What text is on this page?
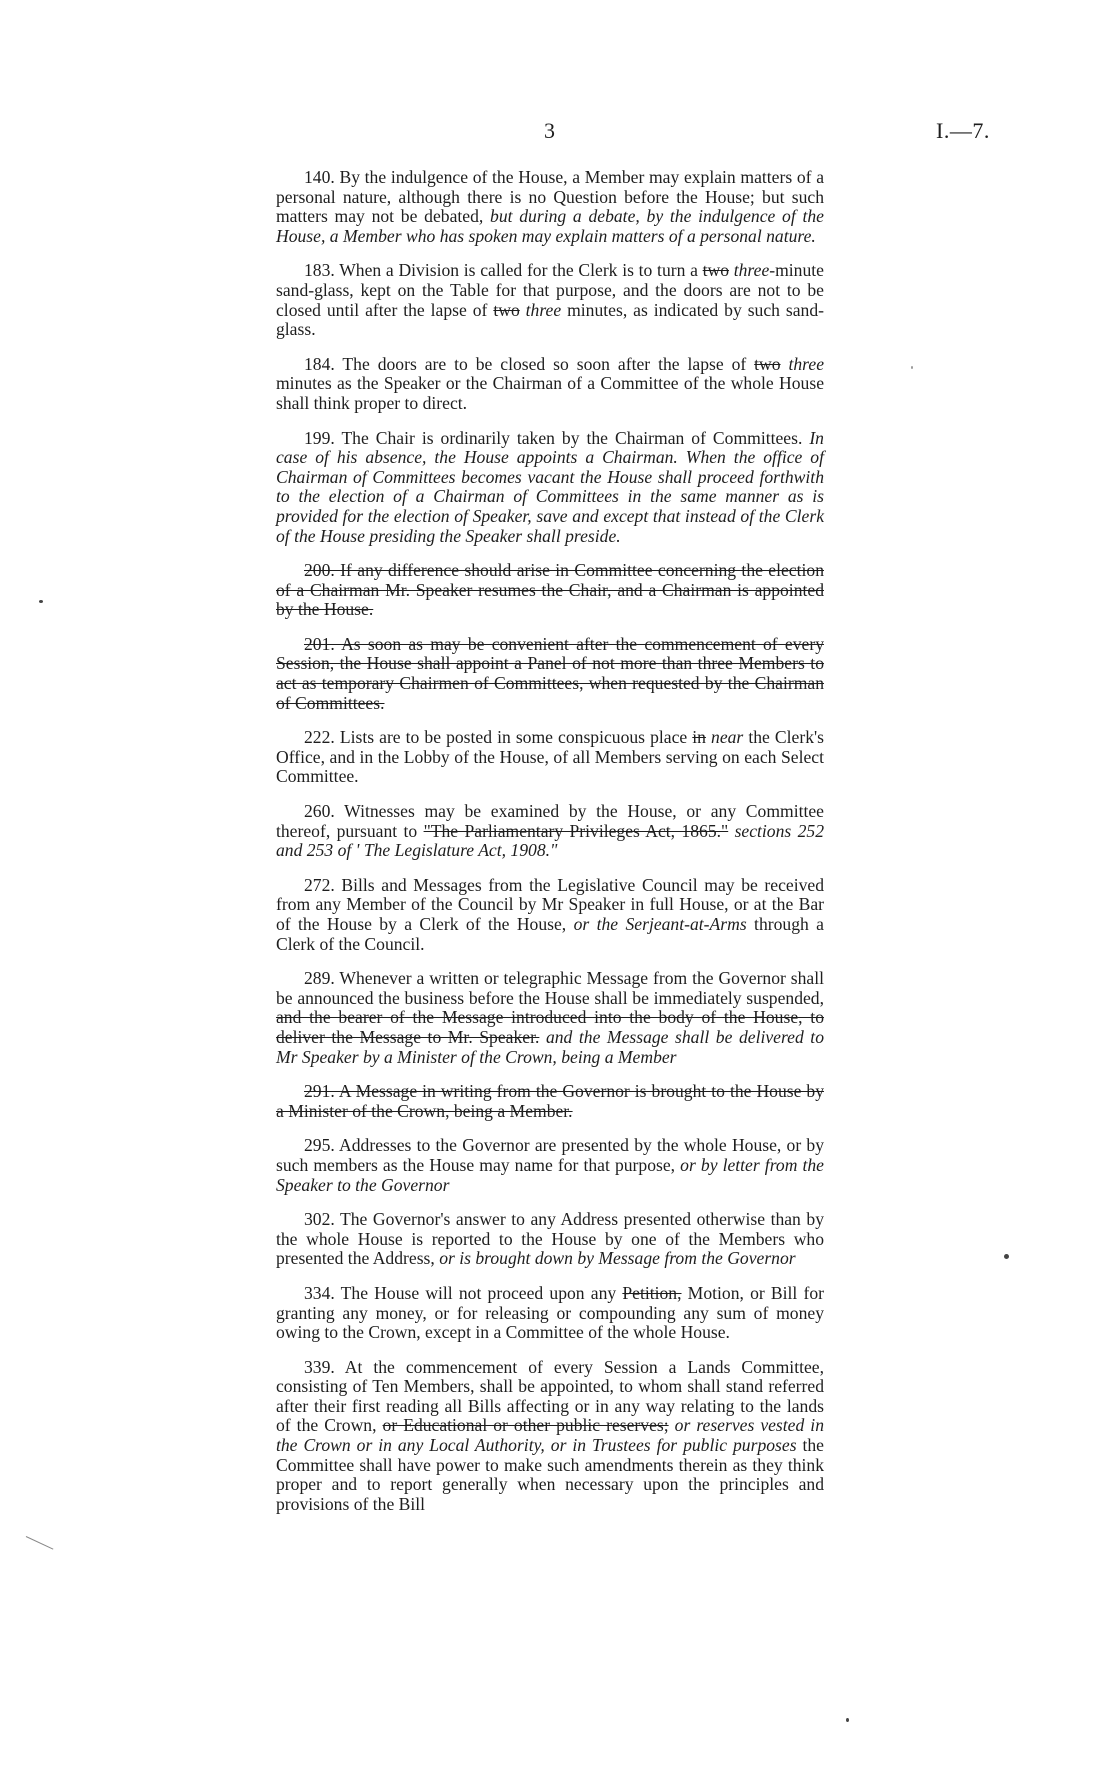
3	I.—7.

140. By the indulgence of the House, a Member may explain matters of a personal nature, although there is no Question before the House; but such matters may not be debated, but during a debate, by the indulgence of the House, a Member who has spoken may explain matters of a personal nature.

183. When a Division is called for the Clerk is to turn a two three-minute sand-glass, kept on the Table for that purpose, and the doors are not to be closed until after the lapse of two three minutes, as indicated by such sand-glass.

184. The doors are to be closed so soon after the lapse of two three minutes as the Speaker or the Chairman of a Committee of the whole House shall think proper to direct.

199. The Chair is ordinarily taken by the Chairman of Committees. In case of his absence, the House appoints a Chairman. When the office of Chairman of Committees becomes vacant the House shall proceed forthwith to the election of a Chairman of Committees in the same manner as is provided for the election of Speaker, save and except that instead of the Clerk of the House presiding the Speaker shall preside.

200. If any difference should arise in Committee concerning the election of a Chairman Mr. Speaker resumes the Chair, and a Chairman is appointed by the House.

201. As soon as may be convenient after the commencement of every Session, the House shall appoint a Panel of not more than three Members to act as temporary Chairmen of Committees, when requested by the Chairman of Committees.

222. Lists are to be posted in some conspicuous place in near the Clerk's Office, and in the Lobby of the House, of all Members serving on each Select Committee.

260. Witnesses may be examined by the House, or any Committee thereof, pursuant to "The Parliamentary Privileges Act, 1865." sections 252 and 253 of ' The Legislature Act, 1908."

272. Bills and Messages from the Legislative Council may be received from any Member of the Council by Mr Speaker in full House, or at the Bar of the House by a Clerk of the House, or the Serjeant-at-Arms through a Clerk of the Council.

289. Whenever a written or telegraphic Message from the Governor shall be announced the business before the House shall be immediately suspended, and the bearer of the Message introduced into the body of the House, to deliver the Message to Mr. Speaker. and the Message shall be delivered to Mr Speaker by a Minister of the Crown, being a Member

291. A Message in writing from the Governor is brought to the House by a Minister of the Crown, being a Member.

295. Addresses to the Governor are presented by the whole House, or by such members as the House may name for that purpose, or by letter from the Speaker to the Governor

302. The Governor's answer to any Address presented otherwise than by the whole House is reported to the House by one of the Members who presented the Address, or is brought down by Message from the Governor

334. The House will not proceed upon any Petition, Motion, or Bill for granting any money, or for releasing or compounding any sum of money owing to the Crown, except in a Committee of the whole House.

339. At the commencement of every Session a Lands Committee, consisting of Ten Members, shall be appointed, to whom shall stand referred after their first reading all Bills affecting or in any way relating to the lands of the Crown, or Educational or other public reserves; or reserves vested in the Crown or in any Local Authority, or in Trustees for public purposes the Committee shall have power to make such amendments therein as they think proper and to report generally when necessary upon the principles and provisions of the Bill
